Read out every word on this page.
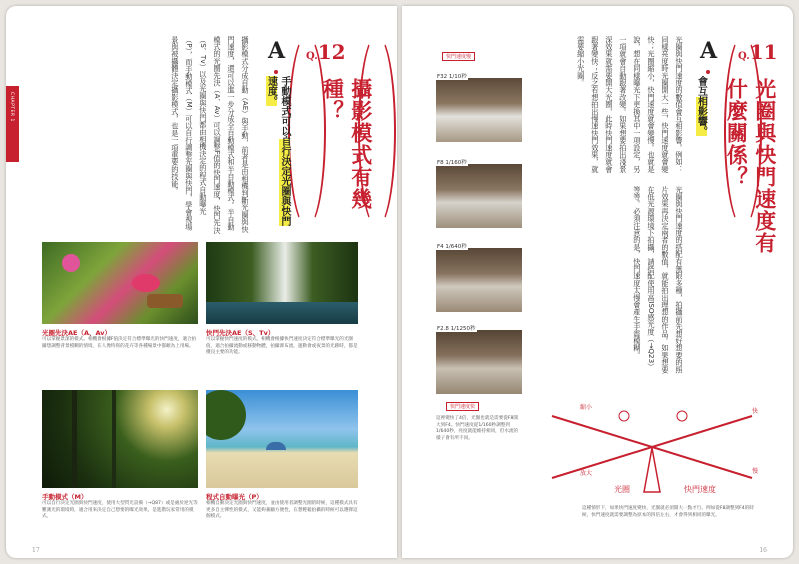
CHAPTER 1
Q.12
攝影模式有幾種？
A
手動模式可以自行決定光圈與快門速度。
攝影模式分成自動（AE）與手動，前者是由相機判斷光圈與快門速度，還可以進一步分成全自動模式和半自動模式。半自動模式的光圈先決（A、Av）可以調整F值的快門速度，快門先決（S、Tv）以及光圈與快門都由相機決定的程式自動曝光（P），而手動模式（M）可以自行調整光圈與快門，學會視場景與被攝體決定攝影模式，也是一項重要的技能。
光圈先決AE（A、Av）
可以掌握景深的模式。相機會根據F值決定符合標準曝光的快門速度，適合拍攝想調整背景模糊的情境，在人像特寫的花卉等各種場景中都頗為上用場。
快門先決AE（S、Tv）
可以掌握快門速度的模式。相機會根據快門速度決定符合標準曝光的光圈值，適合拍攝流動或移動物體，拍攝瀑布流、運動會或夜景的光跡時，都是優良主要的功能。
手動模式（M）
可以自行決定光圈與快門速度，使用大型閃光設備（→Q87）或是處於逆光等難測光的環境時，適合用來決定自己想要的曝光效果，是進階玩家常用的模式。
程式自動曝光（P）
相機自動決定光圈與快門速度，並由使用者調整光圈的時候，這種模式具有更多自主彈性的模式，又能夠兼顧方便性，在想輕鬆拍攝的時候可以選擇這個模式。
17
Q.11
光圈與快門速度有什麼關係？
A
會互相影響。
光圈與快門速度的數值會互相影響。例如：同樣亮度時光圈開大一些，快門速度就會變快；光圈縮小，快門速度就會變慢。也就是說，想在同樣曝光下更換其中一項設定，另一項就會自動跟著改變。如果想要拍出淺景深效果就需要開大光圈，此時快門速度就會跟著變快；反之若想拍出慢速快門效果，就需要縮小光圈。
光圈與快門速度的搭配有無限多種，拍攝前先想好想要的照片效果再決定兩者的數值，就能拍出理想的作品。如果想要在低光源環境下拍攝，請搭配使用高ISO感光度（→Q23）等等。必須注意的是，快門速度太慢會產生手震模糊。
快門速度慢
F32 1/10秒
F8 1/160秒
F4 1/640秒
F2.8 1/1250秒
快門速度快	縮小
放大
快
慢
光圈	快門速度
這裡變快了4倍，光圈也就是需要從F8開大到F4。快門速度從1/160秒調整到1/640秒，亮度就能維持相同，但水流的樣子會有所不同。
這種情形下，如果快門速度變快，光圈就必須開大一點才行。例如從F8調整到F4的時候，快門速度就需要調整為原本的四倍左右，才會得到相同的曝光。
16
